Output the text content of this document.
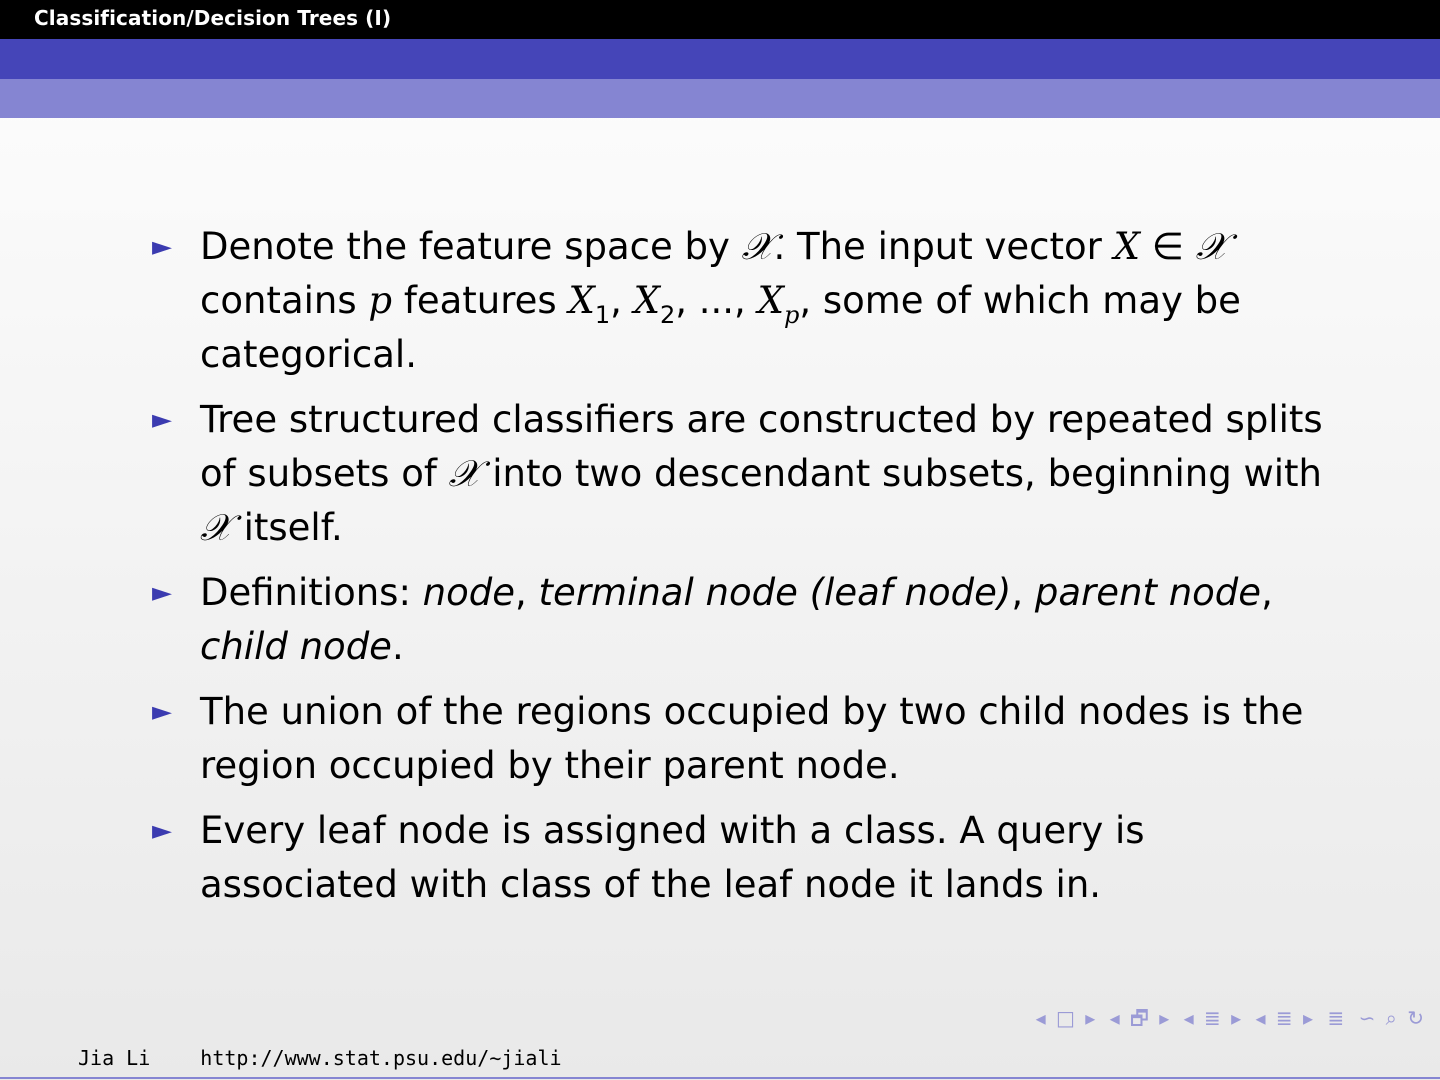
Classification/Decision Trees (I)
► Denote the feature space by 𝒳. The input vector X ∈ 𝒳 contains p features $X_1$, $X_2$, ..., $X_p$, some of which may be categorical.
► Tree structured classifiers are constructed by repeated splits of subsets of 𝒳 into two descendant subsets, beginning with 𝒳 itself.
► Definitions: node, terminal node (leaf node), parent node, child node.
► The union of the regions occupied by two child nodes is the region occupied by their parent node.
► Every leaf node is assigned with a class. A query is associated with class of the leaf node it lands in.
◂ □ ▸ ◂ 🗗 ▸ ◂ ≣ ▸ ◂ ≣ ▸ ≣ ∽ ⌕ ↻
Jia Li	http://www.stat.psu.edu/∼jiali
